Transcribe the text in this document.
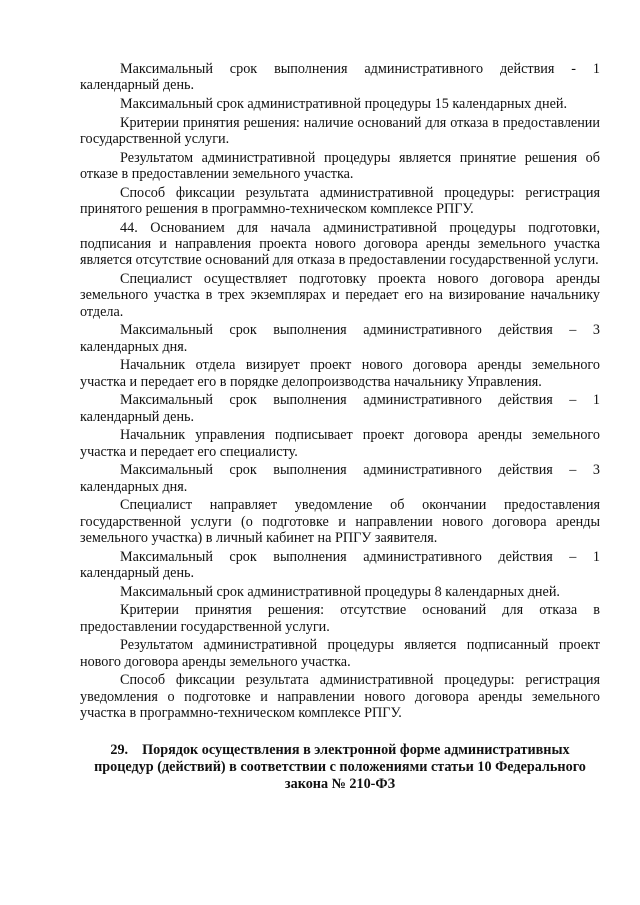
Максимальный срок выполнения административного действия - 1 календарный день.

Максимальный срок административной процедуры 15 календарных дней.

Критерии принятия решения: наличие оснований для отказа в предоставлении государственной услуги.

Результатом административной процедуры является принятие решения об отказе в предоставлении земельного участка.

Способ фиксации результата административной процедуры: регистрация принятого решения в программно-техническом комплексе РПГУ.

44. Основанием для начала административной процедуры подготовки, подписания и направления проекта нового договора аренды земельного участка является отсутствие оснований для отказа в предоставлении государственной услуги.

Специалист осуществляет подготовку проекта нового договора аренды земельного участка в трех экземплярах и передает его на визирование начальнику отдела.

Максимальный срок выполнения административного действия – 3 календарных дня.

Начальник отдела визирует проект нового договора аренды земельного участка и передает его в порядке делопроизводства начальнику Управления.

Максимальный срок выполнения административного действия – 1 календарный день.

Начальник управления подписывает проект договора аренды земельного участка и передает его специалисту.

Максимальный срок выполнения административного действия – 3 календарных дня.

Специалист направляет уведомление об окончании предоставления государственной услуги (о подготовке и направлении нового договора аренды земельного участка) в личный кабинет на РПГУ заявителя.

Максимальный срок выполнения административного действия – 1 календарный день.

Максимальный срок административной процедуры 8 календарных дней.

Критерии принятия решения: отсутствие оснований для отказа в предоставлении государственной услуги.

Результатом административной процедуры является подписанный проект нового договора аренды земельного участка.

Способ фиксации результата административной процедуры: регистрация уведомления о подготовке и направлении нового договора аренды земельного участка в программно-техническом комплексе РПГУ.

29. Порядок осуществления в электронной форме административных процедур (действий) в соответствии с положениями статьи 10 Федерального закона № 210-ФЗ
